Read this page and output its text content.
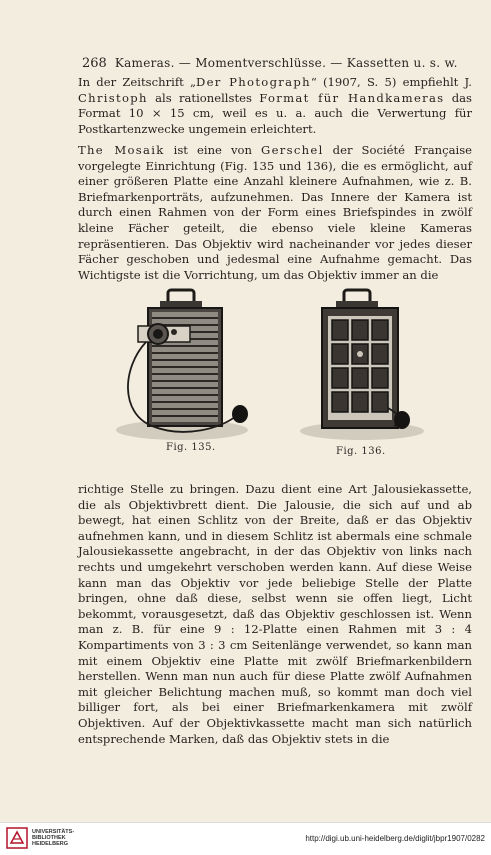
268 Kameras. — Momentverschlüsse. — Kassetten u. s. w.

In der Zeitschrift „Der Photograph“ (1907, S. 5) empfiehlt J. Christoph als rationellstes Format für Handkameras das Format 10 × 15 cm, weil es u. a. auch die Verwertung für Postkartenzwecke ungemein erleichtert.

The Mosaik ist eine von Gerschel der Société Française vorgelegte Einrichtung (Fig. 135 und 136), die es ermöglicht, auf einer größeren Platte eine Anzahl kleinere Aufnahmen, wie z. B. Briefmarkenporträts, aufzunehmen. Das Innere der Kamera ist durch einen Rahmen von der Form eines Briefspindes in zwölf kleine Fächer geteilt, die ebenso viele kleine Kameras repräsentieren. Das Objektiv wird nacheinander vor jedes dieser Fächer geschoben und jedesmal eine Aufnahme gemacht. Das Wichtigste ist die Vorrichtung, um das Objektiv immer an die

Fig. 135.	Fig. 136.

richtige Stelle zu bringen. Dazu dient eine Art Jalousiekassette, die als Objektivbrett dient. Die Jalousie, die sich auf und ab bewegt, hat einen Schlitz von der Breite, daß er das Objektiv aufnehmen kann, und in diesem Schlitz ist abermals eine schmale Jalousiekassette angebracht, in der das Objektiv von links nach rechts und umgekehrt verschoben werden kann. Auf diese Weise kann man das Objektiv vor jede beliebige Stelle der Platte bringen, ohne daß diese, selbst wenn sie offen liegt, Licht bekommt, vorausgesetzt, daß das Objektiv geschlossen ist. Wenn man z. B. für eine 9 : 12-Platte einen Rahmen mit 3 : 4 Kompartiments von 3 : 3 cm Seitenlänge verwendet, so kann man mit einem Objektiv eine Platte mit zwölf Briefmarkenbildern herstellen. Wenn man nun auch für diese Platte zwölf Aufnahmen mit gleicher Belichtung machen muß, so kommt man doch viel billiger fort, als bei einer Briefmarkenkamera mit zwölf Objektiven. Auf der Objektivkassette macht man sich natürlich entsprechende Marken, daß das Objektiv stets in die

UNIVERSITÄTS-
BIBLIOTHEK
HEIDELBERG
http://digi.ub.uni-heidelberg.de/diglit/jbpr1907/0282
